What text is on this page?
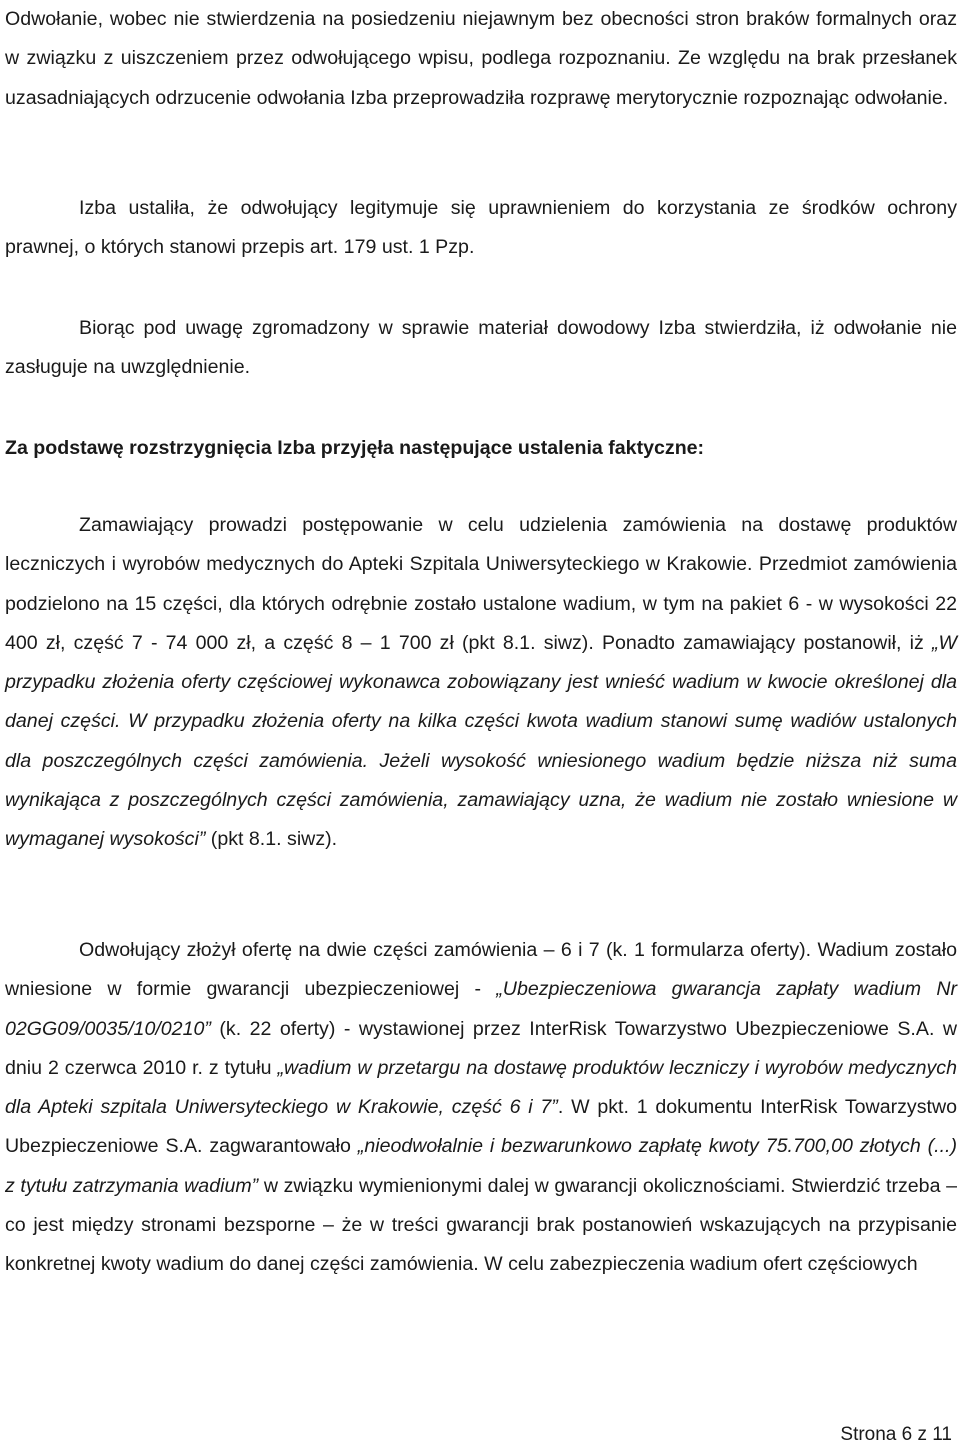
Odwołanie, wobec nie stwierdzenia na posiedzeniu niejawnym bez obecności stron braków formalnych oraz w związku z uiszczeniem przez odwołującego wpisu, podlega rozpoznaniu. Ze względu na brak przesłanek uzasadniających odrzucenie odwołania Izba przeprowadziła rozprawę merytorycznie rozpoznając odwołanie.

Izba ustaliła, że odwołujący legitymuje się uprawnieniem do korzystania ze środków ochrony prawnej, o których stanowi przepis art. 179 ust. 1 Pzp.

Biorąc pod uwagę zgromadzony w sprawie materiał dowodowy Izba stwierdziła, iż odwołanie nie zasługuje na uwzględnienie.

Za podstawę rozstrzygnięcia Izba przyjęła następujące ustalenia faktyczne:

Zamawiający prowadzi postępowanie w celu udzielenia zamówienia na dostawę produktów leczniczych i wyrobów medycznych do Apteki Szpitala Uniwersyteckiego w Krakowie. Przedmiot zamówienia podzielono na 15 części, dla których odrębnie zostało ustalone wadium, w tym na pakiet 6 - w wysokości 22 400 zł, część 7 - 74 000 zł, a część 8 – 1 700 zł (pkt 8.1. siwz). Ponadto zamawiający postanowił, iż „W przypadku złożenia oferty częściowej wykonawca zobowiązany jest wnieść wadium w kwocie określonej dla danej części. W przypadku złożenia oferty na kilka części kwota wadium stanowi sumę wadiów ustalonych dla poszczególnych części zamówienia. Jeżeli wysokość wniesionego wadium będzie niższa niż suma wynikająca z poszczególnych części zamówienia, zamawiający uzna, że wadium nie zostało wniesione w wymaganej wysokości” (pkt 8.1. siwz).

Odwołujący złożył ofertę na dwie części zamówienia – 6 i 7 (k. 1 formularza oferty). Wadium zostało wniesione w formie gwarancji ubezpieczeniowej - „Ubezpieczeniowa gwarancja zapłaty wadium Nr 02GG09/0035/10/0210” (k. 22 oferty) - wystawionej przez InterRisk Towarzystwo Ubezpieczeniowe S.A. w dniu 2 czerwca 2010 r. z tytułu „wadium w przetargu na dostawę produktów leczniczy i wyrobów medycznych dla Apteki szpitala Uniwersyteckiego w Krakowie, część 6 i 7”. W pkt. 1 dokumentu InterRisk Towarzystwo Ubezpieczeniowe S.A. zagwarantowało „nieodwołalnie i bezwarunkowo zapłatę kwoty 75.700,00 złotych (...) z tytułu zatrzymania wadium” w związku wymienionymi dalej w gwarancji okolicznościami. Stwierdzić trzeba – co jest między stronami bezsporne – że w treści gwarancji brak postanowień wskazujących na przypisanie konkretnej kwoty wadium do danej części zamówienia. W celu zabezpieczenia wadium ofert częściowych

Strona 6 z 11
